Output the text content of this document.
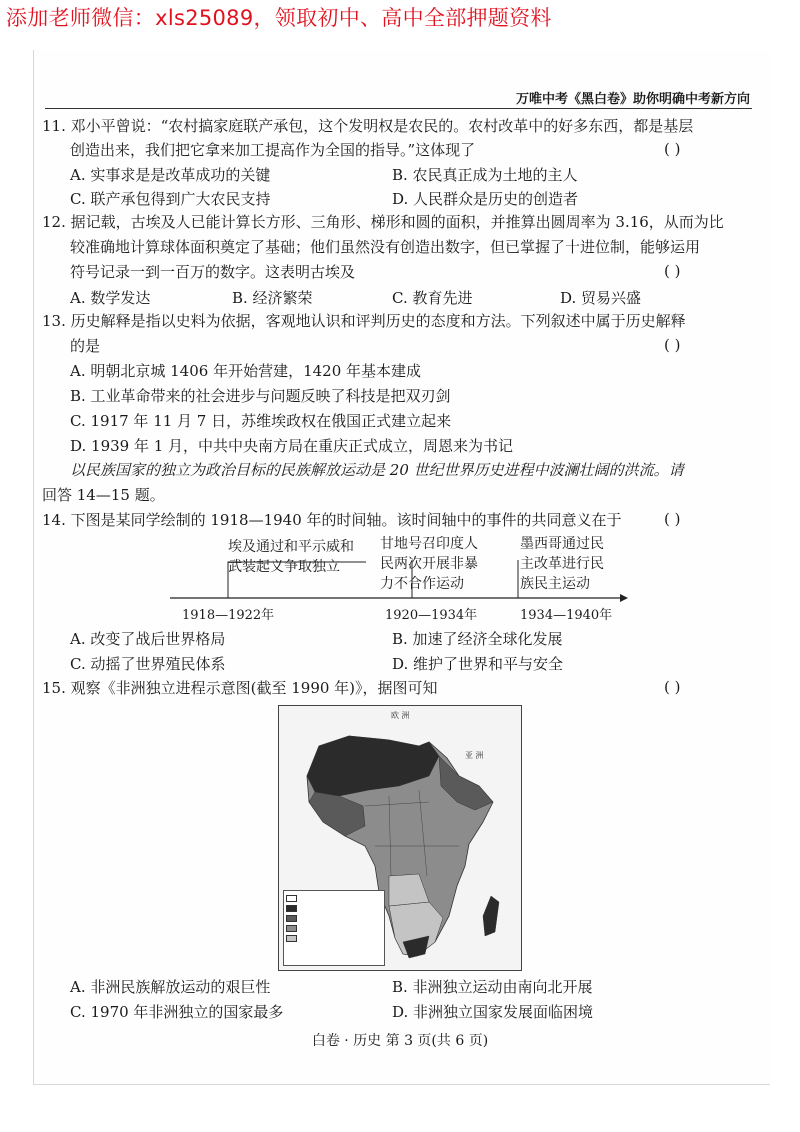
添加老师微信：xls25089，领取初中、高中全部押题资料
万唯中考《黑白卷》助你明确中考新方向
11. 邓小平曾说：“农村搞家庭联产承包，这个发明权是农民的。农村改革中的好多东西，都是基层
创造出来，我们把它拿来加工提高作为全国的指导。”这体现了	( )
A. 实事求是是改革成功的关键	B. 农民真正成为土地的主人
C. 联产承包得到广大农民支持	D. 人民群众是历史的创造者
12. 据记载，古埃及人已能计算长方形、三角形、梯形和圆的面积，并推算出圆周率为 3.16，从而为比
较准确地计算球体面积奠定了基础；他们虽然没有创造出数字，但已掌握了十进位制，能够运用
符号记录一到一百万的数字。这表明古埃及	( )
A. 数学发达	B. 经济繁荣	C. 教育先进	D. 贸易兴盛
13. 历史解释是指以史料为依据，客观地认识和评判历史的态度和方法。下列叙述中属于历史解释
的是	( )
A. 明朝北京城 1406 年开始营建，1420 年基本建成
B. 工业革命带来的社会进步与问题反映了科技是把双刃剑
C. 1917 年 11 月 7 日，苏维埃政权在俄国正式建立起来
D. 1939 年 1 月，中共中央南方局在重庆正式成立，周恩来为书记
以民族国家的独立为政治目标的民族解放运动是 20 世纪世界历史进程中波澜壮阔的洪流。请
回答 14—15 题。
14. 下图是某同学绘制的 1918—1940 年的时间轴。该时间轴中的事件的共同意义在于	( )
埃及通过和平示威和
武装起义争取独立
甘地号召印度人
民两次开展非暴
力不合作运动
墨西哥通过民
主改革进行民
族民主运动
1918—1922年	1920—1934年	1934—1940年
A. 改变了战后世界格局	B. 加速了经济全球化发展
C. 动摇了世界殖民体系	D. 维护了世界和平与安全
15. 观察《非洲独立进程示意图(截至 1990 年)》，据图可知	( )
欧 洲
亚 洲
A. 非洲民族解放运动的艰巨性	B. 非洲独立运动由南向北开展
C. 1970 年非洲独立的国家最多	D. 非洲独立国家发展面临困境
白卷 · 历史 第 3 页(共 6 页)
